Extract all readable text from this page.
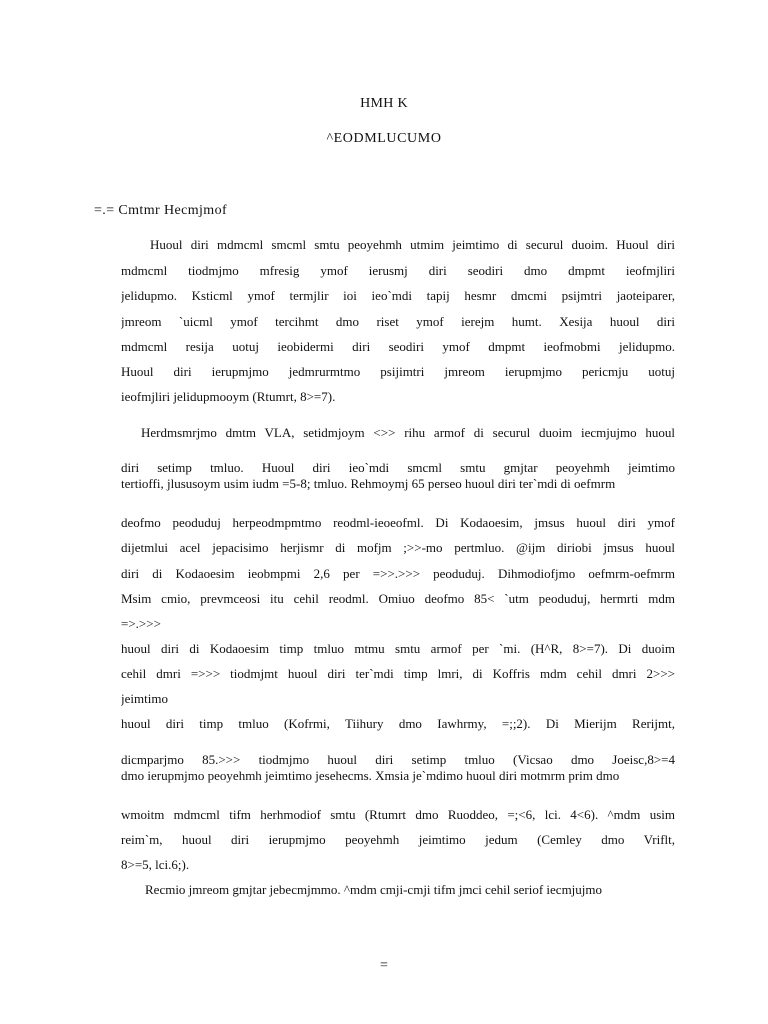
HMH K
^EODMLUCUMO
=.= Cmtmr Hecmjmof
Huoul diri mdmcml smcml smtu peoyehmh utmim jeimtimo di securul duoim. Huoul diri
mdmcml tiodmjmo mfresig ymof ierusmj diri seodiri dmo dmpmt ieofmjliri
jelidupmo. Ksticml ymof termjlir ioi ieo`mdi tapij hesmr dmcmi psijmtri jaoteiparer,
jmreom `uicml ymof tercihmt dmo riset ymof ierejm humt. Xesija huoul diri
mdmcml resija uotuj ieobidermi diri seodiri ymof dmpmt ieofmobmi jelidupmo.
Huoul diri ierupmjmo jedmrurmtmo psijimtri jmreom ierupmjmo pericmju uotuj
ieofmjliri jelidupmooym (Rtumrt, 8>=7).
Herdmsmrjmo dmtm VLA, setidmjoym <>> rihu armof di securul duoim iecmjujmo huoul
diri setimp tmluo. Huoul diri ieo`mdi smcml smtu gmjtar peoyehmh jeimtimo
tertioffi, jlususoym usim iudm =5-8; tmluo. Rehmoymj 65 perseo huoul diri ter`mdi di oefmrm
deofmo peoduduj herpeodmpmtmo reodml-ieoeofml. Di Kodaoesim, jmsus huoul diri ymof
dijetmlui acel jepacisimo herjismr di mofjm ;>>-mo pertmluo. @ijm diriobi jmsus huoul
diri di Kodaoesim ieobmpmi 2,6 per =>>.>>> peoduduj. Dihmodiofjmo oefmrm-oefmrm
Msim cmio, prevmceosi itu cehil reodml. Omiuo deofmo 85< `utm peoduduj, hermrti mdm
=>.>>>
huoul diri di Kodaoesim timp tmluo mtmu smtu armof per `mi. (H^R, 8>=7). Di duoim
cehil dmri =>>> tiodmjmt huoul diri ter`mdi timp lmri, di Koffris mdm cehil dmri 2>>>
jeimtimo
huoul diri timp tmluo (Kofrmi, Tiihury dmo Iawhrmy, =;;2). Di Mierijm Rerijmt,
dicmparjmo 85.>>> tiodmjmo huoul diri setimp tmluo (Vicsao dmo Joeisc,8>=4
dmo ierupmjmo peoyehmh jeimtimo jesehecms. Xmsia je`mdimo huoul diri motmrm prim dmo
wmoitm mdmcml tifm herhmodiof smtu (Rtumrt dmo Ruoddeo, =;<6, lci. 4<6). ^mdm usim
reim`m, huoul diri ierupmjmo peoyehmh jeimtimo jedum (Cemley dmo Vriflt,
8>=5, lci.6;).
Recmio jmreom gmjtar jebecmjmmo. ^mdm cmji-cmji tifm jmci cehil seriof iecmjujmo
=
